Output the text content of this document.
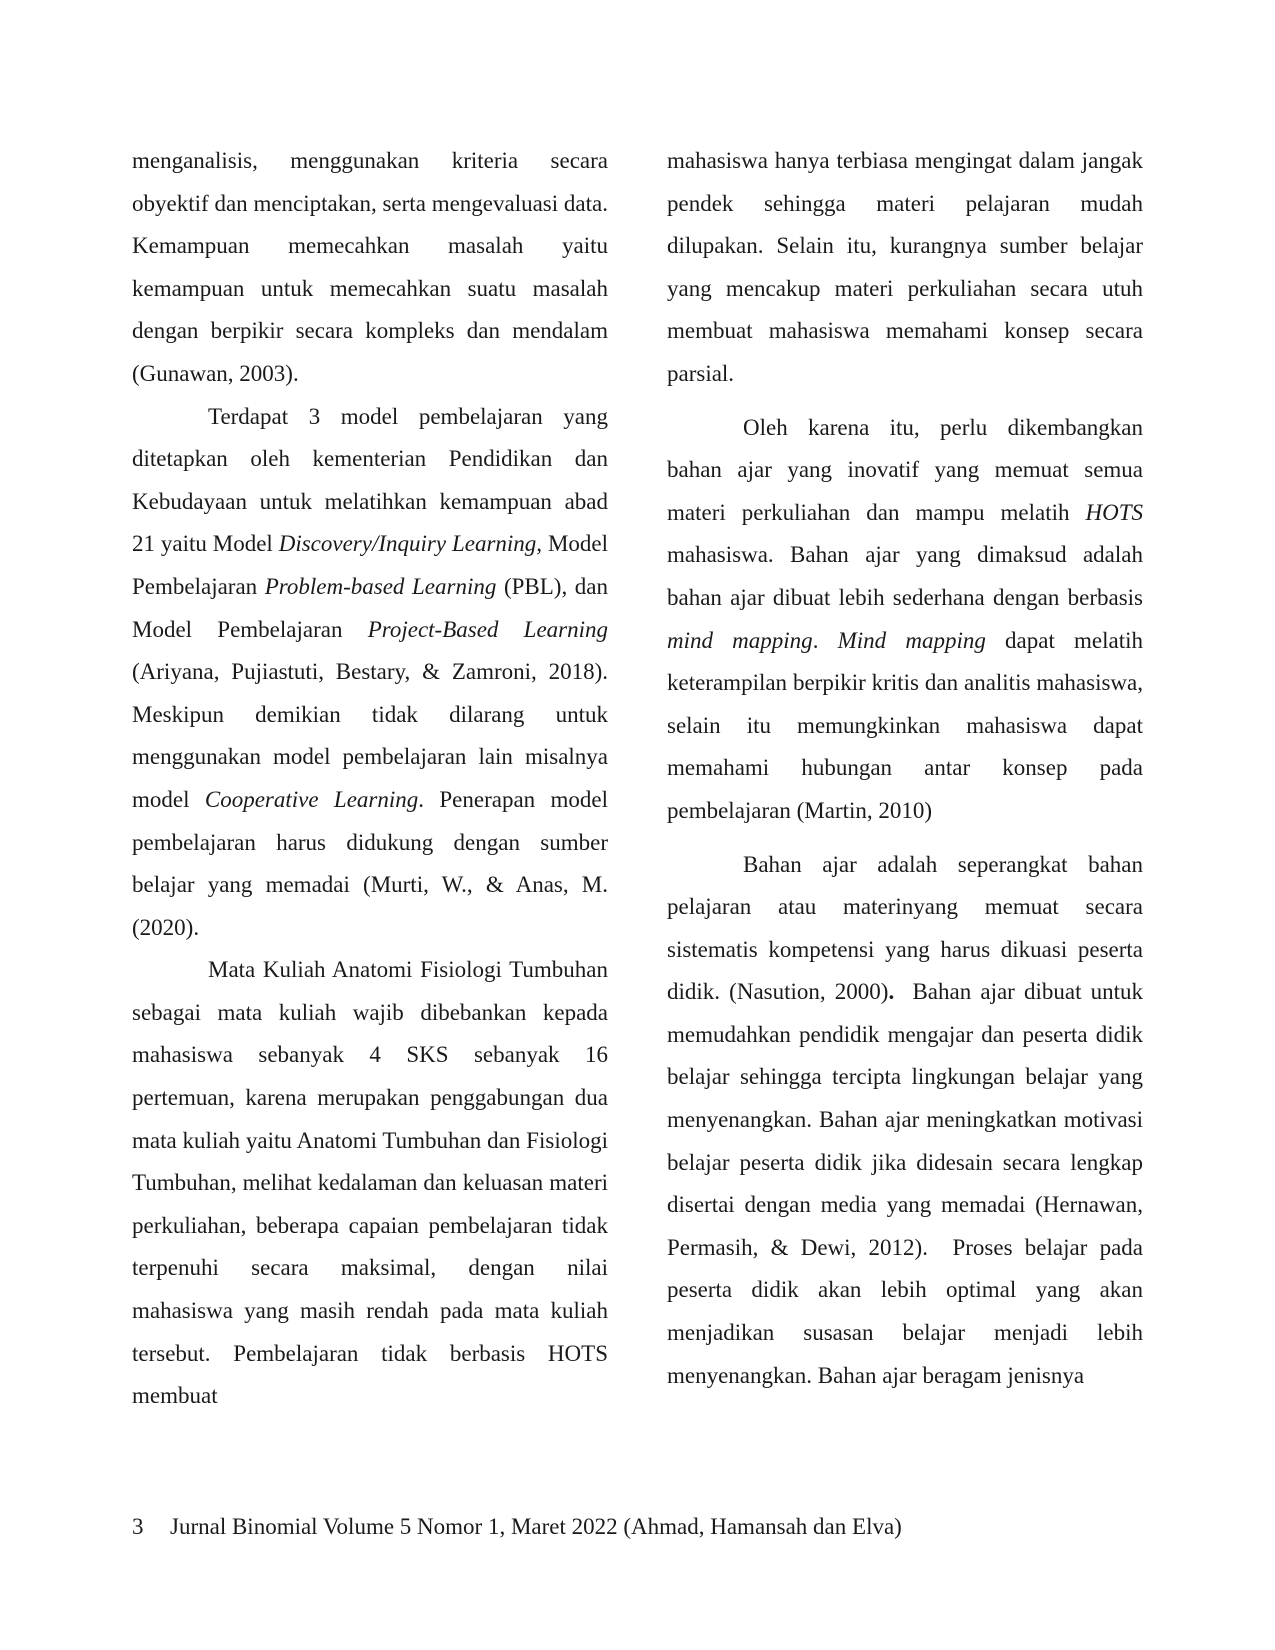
menganalisis, menggunakan kriteria secara obyektif dan menciptakan, serta mengevaluasi data. Kemampuan memecahkan masalah yaitu kemampuan untuk memecahkan suatu masalah dengan berpikir secara kompleks dan mendalam (Gunawan, 2003).

Terdapat 3 model pembelajaran yang ditetapkan oleh kementerian Pendidikan dan Kebudayaan untuk melatihkan kemampuan abad 21 yaitu Model Discovery/Inquiry Learning, Model Pembelajaran Problem-based Learning (PBL), dan Model Pembelajaran Project-Based Learning (Ariyana, Pujiastuti, Bestary, & Zamroni, 2018). Meskipun demikian tidak dilarang untuk menggunakan model pembelajaran lain misalnya model Cooperative Learning. Penerapan model pembelajaran harus didukung dengan sumber belajar yang memadai (Murti, W., & Anas, M. (2020).

Mata Kuliah Anatomi Fisiologi Tumbuhan sebagai mata kuliah wajib dibebankan kepada mahasiswa sebanyak 4 SKS sebanyak 16 pertemuan, karena merupakan penggabungan dua mata kuliah yaitu Anatomi Tumbuhan dan Fisiologi Tumbuhan, melihat kedalaman dan keluasan materi perkuliahan, beberapa capaian pembelajaran tidak terpenuhi secara maksimal, dengan nilai mahasiswa yang masih rendah pada mata kuliah tersebut. Pembelajaran tidak berbasis HOTS membuat

mahasiswa hanya terbiasa mengingat dalam jangak pendek sehingga materi pelajaran mudah dilupakan. Selain itu, kurangnya sumber belajar yang mencakup materi perkuliahan secara utuh membuat mahasiswa memahami konsep secara parsial.

Oleh karena itu, perlu dikembangkan bahan ajar yang inovatif yang memuat semua materi perkuliahan dan mampu melatih HOTS mahasiswa. Bahan ajar yang dimaksud adalah bahan ajar dibuat lebih sederhana dengan berbasis mind mapping. Mind mapping dapat melatih keterampilan berpikir kritis dan analitis mahasiswa, selain itu memungkinkan mahasiswa dapat memahami hubungan antar konsep pada pembelajaran (Martin, 2010)

Bahan ajar adalah seperangkat bahan pelajaran atau materinyang memuat secara sistematis kompetensi yang harus dikuasi peserta didik. (Nasution, 2000).  Bahan ajar dibuat untuk memudahkan pendidik mengajar dan peserta didik belajar sehingga tercipta lingkungan belajar yang menyenangkan. Bahan ajar meningkatkan motivasi belajar peserta didik jika didesain secara lengkap disertai dengan media yang memadai (Hernawan, Permasih, & Dewi, 2012).  Proses belajar pada peserta didik akan lebih optimal yang akan menjadikan susasan belajar menjadi lebih menyenangkan. Bahan ajar beragam jenisnya

3 Jurnal Binomial Volume 5 Nomor 1, Maret 2022 (Ahmad, Hamansah dan Elva)
